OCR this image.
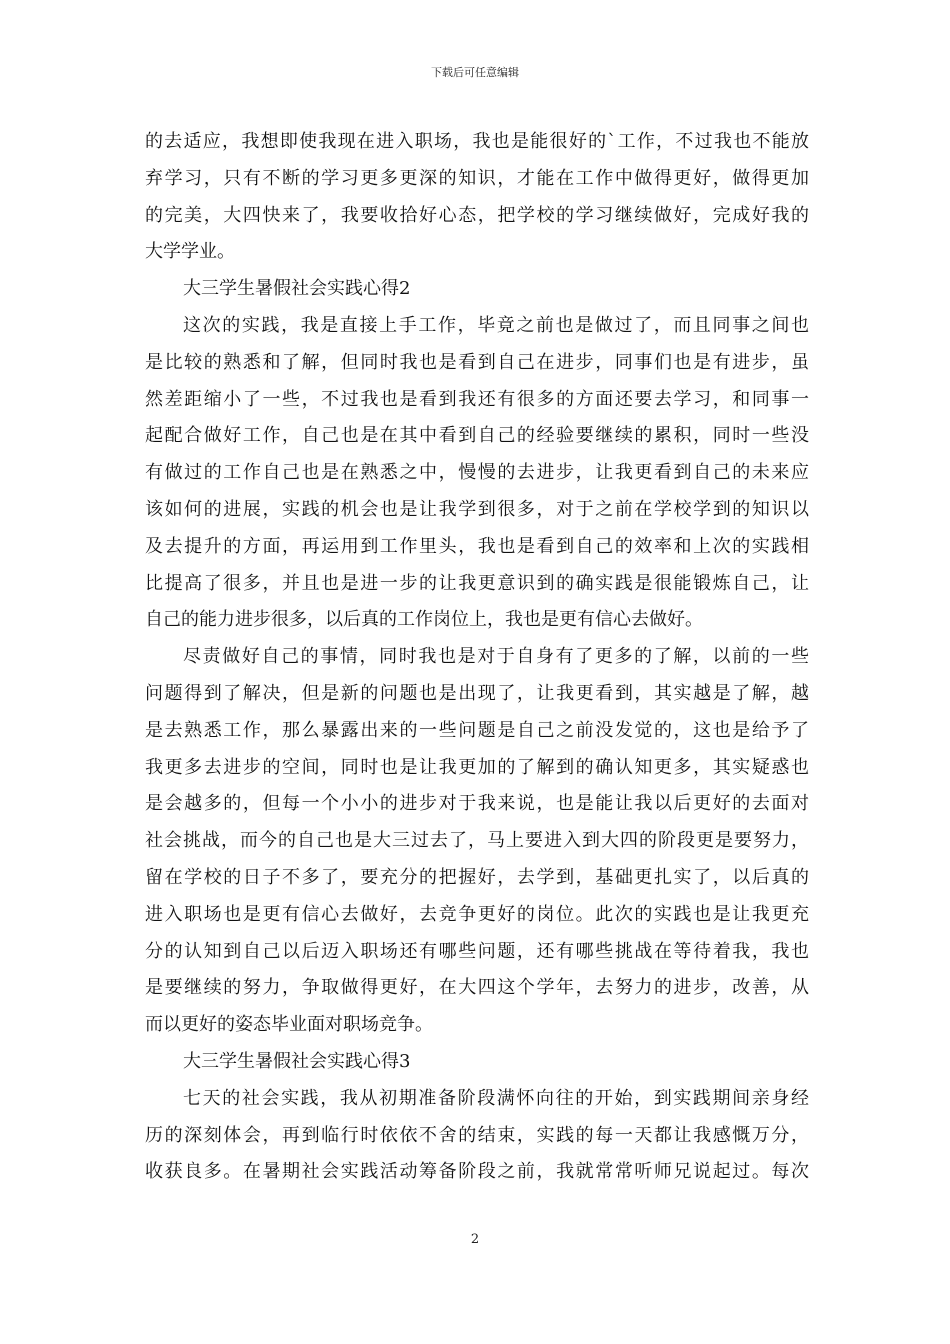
下载后可任意编辑
的去适应，我想即使我现在进入职场，我也是能很好的`工作，不过我也不能放
弃学习，只有不断的学习更多更深的知识，才能在工作中做得更好，做得更加
的完美，大四快来了，我要收拾好心态，把学校的学习继续做好，完成好我的
大学学业。
大三学生暑假社会实践心得2
这次的实践，我是直接上手工作，毕竟之前也是做过了，而且同事之间也
是比较的熟悉和了解，但同时我也是看到自己在进步，同事们也是有进步，虽
然差距缩小了一些，不过我也是看到我还有很多的方面还要去学习，和同事一
起配合做好工作，自己也是在其中看到自己的经验要继续的累积，同时一些没
有做过的工作自己也是在熟悉之中，慢慢的去进步，让我更看到自己的未来应
该如何的进展，实践的机会也是让我学到很多，对于之前在学校学到的知识以
及去提升的方面，再运用到工作里头，我也是看到自己的效率和上次的实践相
比提高了很多，并且也是进一步的让我更意识到的确实践是很能锻炼自己，让
自己的能力进步很多，以后真的工作岗位上，我也是更有信心去做好。
尽责做好自己的事情，同时我也是对于自身有了更多的了解，以前的一些
问题得到了解决，但是新的问题也是出现了，让我更看到，其实越是了解，越
是去熟悉工作，那么暴露出来的一些问题是自己之前没发觉的，这也是给予了
我更多去进步的空间，同时也是让我更加的了解到的确认知更多，其实疑惑也
是会越多的，但每一个小小的进步对于我来说，也是能让我以后更好的去面对
社会挑战，而今的自己也是大三过去了，马上要进入到大四的阶段更是要努力，
留在学校的日子不多了，要充分的把握好，去学到，基础更扎实了，以后真的
进入职场也是更有信心去做好，去竞争更好的岗位。此次的实践也是让我更充
分的认知到自己以后迈入职场还有哪些问题，还有哪些挑战在等待着我，我也
是要继续的努力，争取做得更好，在大四这个学年，去努力的进步，改善，从
而以更好的姿态毕业面对职场竞争。
大三学生暑假社会实践心得3
七天的社会实践，我从初期准备阶段满怀向往的开始，到实践期间亲身经
历的深刻体会，再到临行时依依不舍的结束，实践的每一天都让我感慨万分，
收获良多。在暑期社会实践活动筹备阶段之前，我就常常听师兄说起过。每次
2
